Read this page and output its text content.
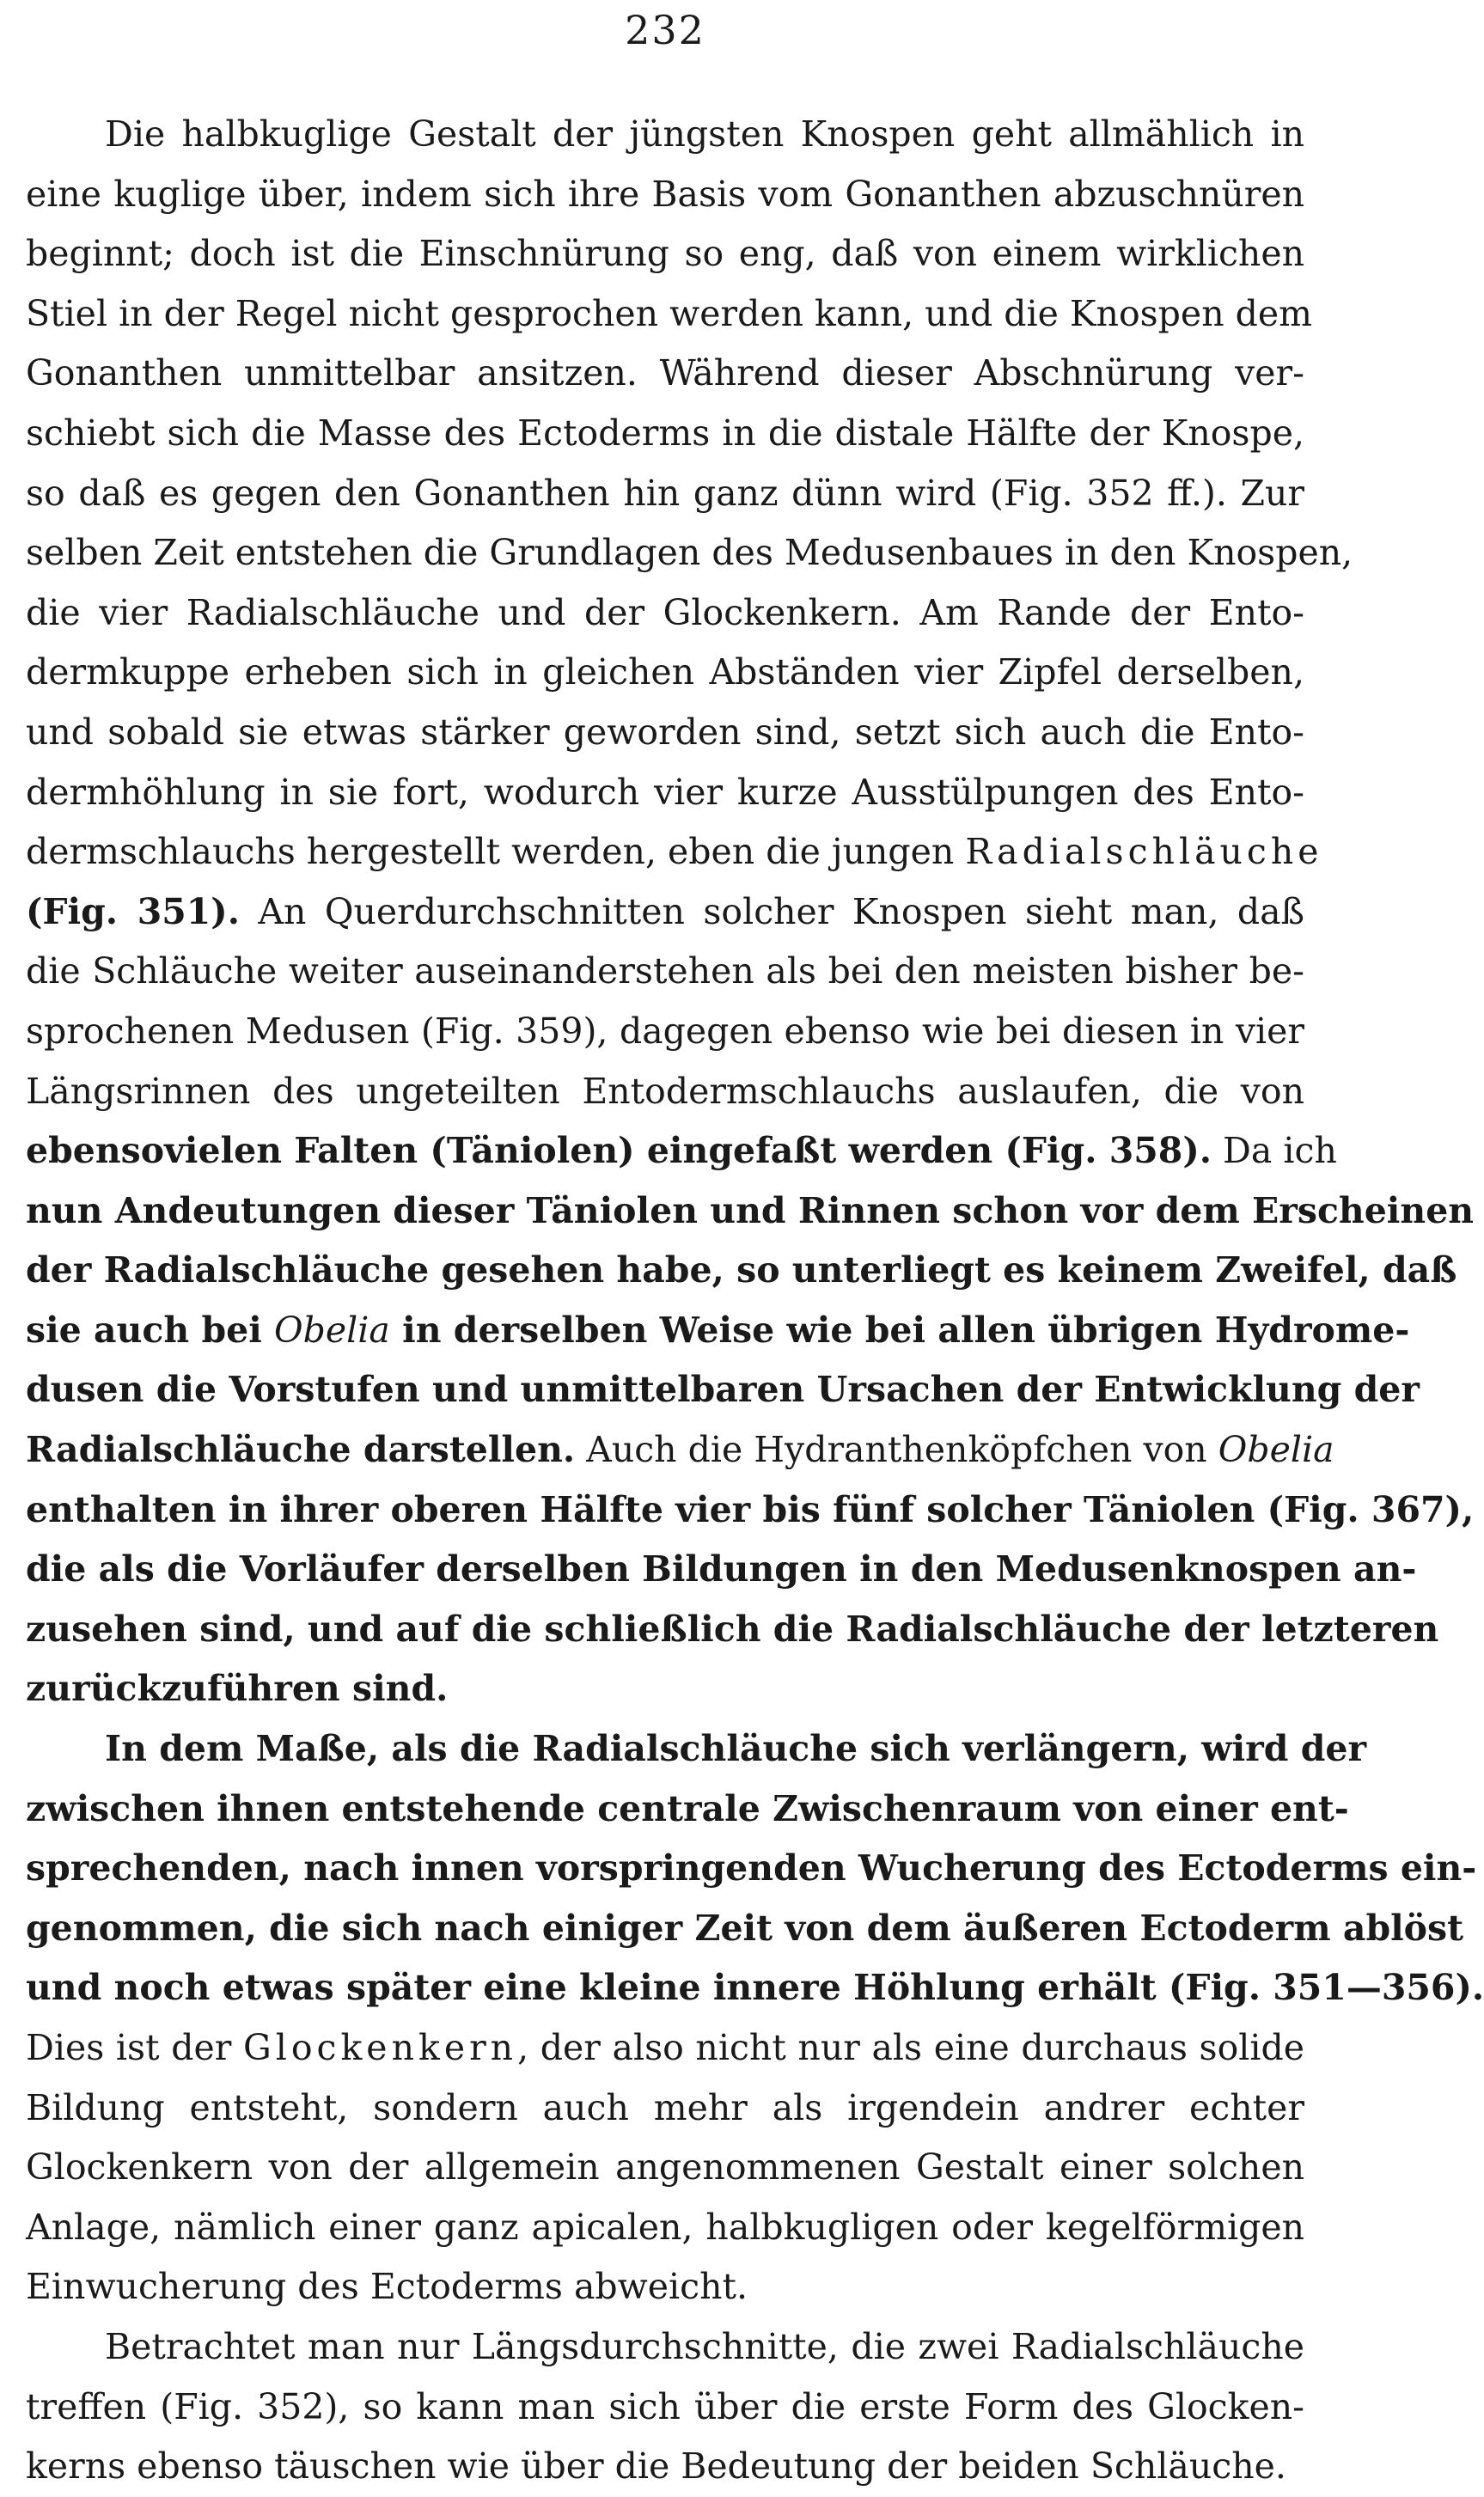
232
Die halbkuglige Gestalt der jüngsten Knospen geht allmählich in
eine kuglige über, indem sich ihre Basis vom Gonanthen abzuschnüren
beginnt; doch ist die Einschnürung so eng, daß von einem wirklichen
Stiel in der Regel nicht gesprochen werden kann, und die Knospen dem
Gonanthen unmittelbar ansitzen. Während dieser Abschnürung ver-
schiebt sich die Masse des Ectoderms in die distale Hälfte der Knospe,
so daß es gegen den Gonanthen hin ganz dünn wird (Fig. 352 ff.). Zur
selben Zeit entstehen die Grundlagen des Medusenbaues in den Knospen,
die vier Radialschläuche und der Glockenkern. Am Rande der Ento-
dermkuppe erheben sich in gleichen Abständen vier Zipfel derselben,
und sobald sie etwas stärker geworden sind, setzt sich auch die Ento-
dermhöhlung in sie fort, wodurch vier kurze Ausstülpungen des Ento-
dermschlauchs hergestellt werden, eben die jungen Radialschläuche
(Fig. 351). An Querdurchschnitten solcher Knospen sieht man, daß
die Schläuche weiter auseinanderstehen als bei den meisten bisher be-
sprochenen Medusen (Fig. 359), dagegen ebenso wie bei diesen in vier
Längsrinnen des ungeteilten Entodermschlauchs auslaufen, die von
ebensovielen Falten (Täniolen) eingefaßt werden (Fig. 358). Da ich
nun Andeutungen dieser Täniolen und Rinnen schon vor dem Erscheinen
der Radialschläuche gesehen habe, so unterliegt es keinem Zweifel, daß
sie auch bei Obelia in derselben Weise wie bei allen übrigen Hydrome-
dusen die Vorstufen und unmittelbaren Ursachen der Entwicklung der
Radialschläuche darstellen. Auch die Hydranthenköpfchen von Obelia
enthalten in ihrer oberen Hälfte vier bis fünf solcher Täniolen (Fig. 367),
die als die Vorläufer derselben Bildungen in den Medusenknospen an-
zusehen sind, und auf die schließlich die Radialschläuche der letzteren
zurückzuführen sind.
In dem Maße, als die Radialschläuche sich verlängern, wird der
zwischen ihnen entstehende centrale Zwischenraum von einer ent-
sprechenden, nach innen vorspringenden Wucherung des Ectoderms ein-
genommen, die sich nach einiger Zeit von dem äußeren Ectoderm ablöst
und noch etwas später eine kleine innere Höhlung erhält (Fig. 351—356).
Dies ist der Glockenkern, der also nicht nur als eine durchaus solide
Bildung entsteht, sondern auch mehr als irgendein andrer echter
Glockenkern von der allgemein angenommenen Gestalt einer solchen
Anlage, nämlich einer ganz apicalen, halbkugligen oder kegelförmigen
Einwucherung des Ectoderms abweicht.
Betrachtet man nur Längsdurchschnitte, die zwei Radialschläuche
treffen (Fig. 352), so kann man sich über die erste Form des Glocken-
kerns ebenso täuschen wie über die Bedeutung der beiden Schläuche.
